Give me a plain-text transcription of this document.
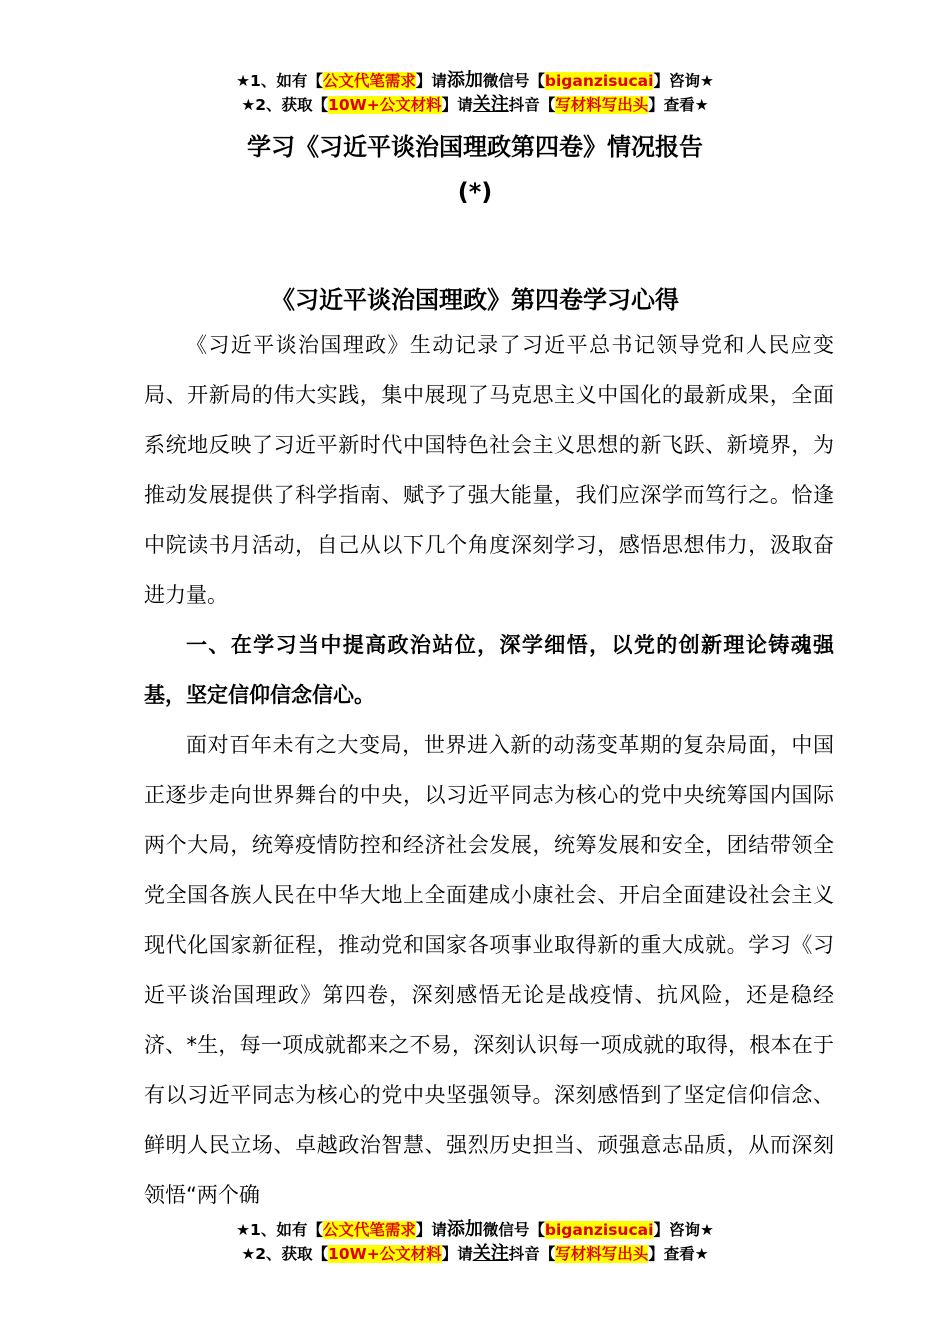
★1、如有【公文代笔需求】请添加微信号【biganzisucai】咨询★
★2、获取【10W+公文材料】请关注抖音【写材料写出头】查看★
学习《习近平谈治国理政第四卷》情况报告
(*)
《习近平谈治国理政》第四卷学习心得

《习近平谈治国理政》生动记录了习近平总书记领导党和人民应变局、开新局的伟大实践，集中展现了马克思主义中国化的最新成果，全面系统地反映了习近平新时代中国特色社会主义思想的新飞跃、新境界，为推动发展提供了科学指南、赋予了强大能量，我们应深学而笃行之。恰逢中院读书月活动，自己从以下几个角度深刻学习，感悟思想伟力，汲取奋进力量。

一、在学习当中提高政治站位，深学细悟，以党的创新理论铸魂强基，坚定信仰信念信心。

面对百年未有之大变局，世界进入新的动荡变革期的复杂局面，中国正逐步走向世界舞台的中央，以习近平同志为核心的党中央统筹国内国际两个大局，统筹疫情防控和经济社会发展，统筹发展和安全，团结带领全党全国各族人民在中华大地上全面建成小康社会、开启全面建设社会主义现代化国家新征程，推动党和国家各项事业取得新的重大成就。学习《习近平谈治国理政》第四卷，深刻感悟无论是战疫情、抗风险，还是稳经济、*生，每一项成就都来之不易，深刻认识每一项成就的取得，根本在于有以习近平同志为核心的党中央坚强领导。深刻感悟到了坚定信仰信念、鲜明人民立场、卓越政治智慧、强烈历史担当、顽强意志品质，从而深刻领悟“两个确

★1、如有【公文代笔需求】请添加微信号【biganzisucai】咨询★
★2、获取【10W+公文材料】请关注抖音【写材料写出头】查看★
